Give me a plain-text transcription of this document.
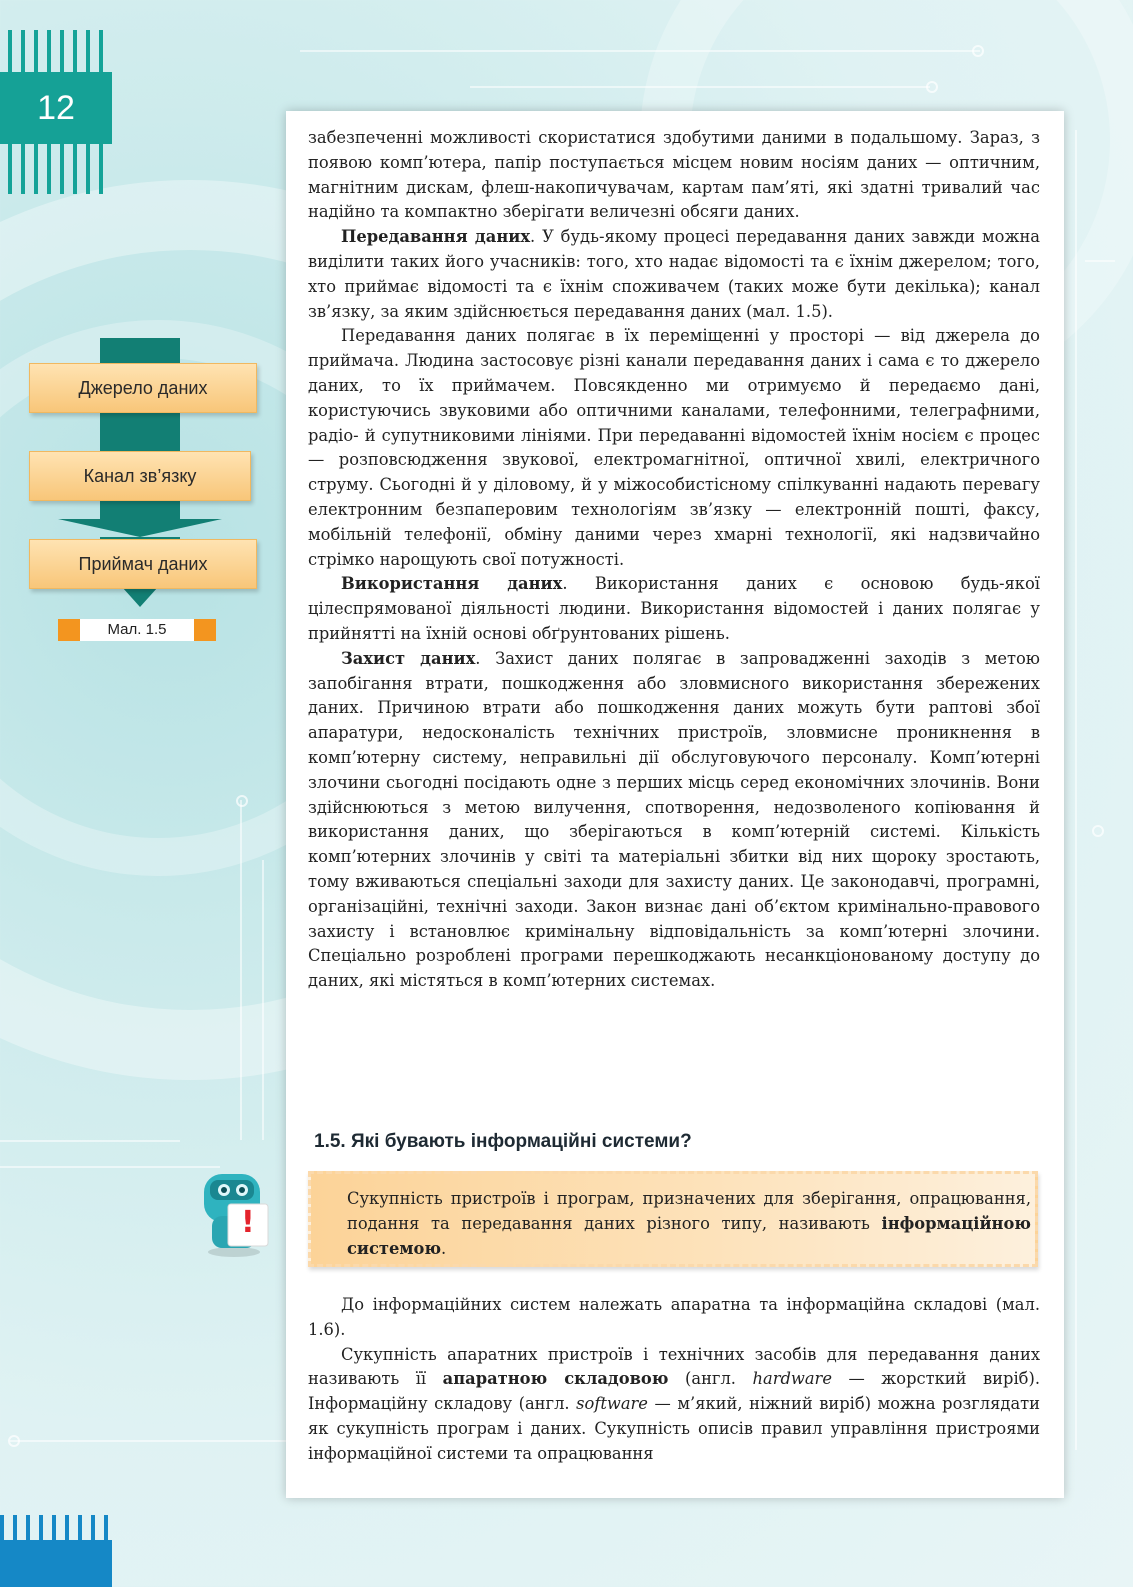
12
Джерело даних
Канал зв’язку
Приймач даних
Мал. 1.5
!

забезпеченні можливості скористатися здобутими даними в подальшому. Зараз, з появою комп’ютера, папір поступається місцем новим носіям даних — оптичним, магнітним дискам, флеш-накопичувачам, картам пам’яті, які здатні тривалий час надійно та компактно зберігати величезні обсяги даних.

Передавання даних. У будь-якому процесі передавання даних завжди можна виділити таких його учасників: того, хто надає відомості та є їхнім джерелом; того, хто приймає відомості та є їхнім споживачем (таких може бути декілька); канал зв’язку, за яким здійснюється передавання даних (мал. 1.5).

Передавання даних полягає в їх переміщенні у просторі — від джерела до приймача. Людина застосовує різні канали передавання даних і сама є то джерело даних, то їх приймачем. Повсякденно ми отримуємо й передаємо дані, користуючись звуковими або оптичними каналами, телефонними, телеграфними, радіо- й супутниковими лініями. При передаванні відомостей їхнім носієм є процес — розповсюдження звукової, електромагнітної, оптичної хвилі, електричного струму. Сьогодні й у діловому, й у міжособистісному спілкуванні надають перевагу електронним безпаперовим технологіям зв’язку — електронній пошті, факсу, мобільній телефонії, обміну даними через хмарні технології, які надзвичайно стрімко нарощують свої потужності.

Використання даних. Використання даних є основою будь-якої цілеспрямованої діяльності людини. Використання відомостей і даних полягає у прийнятті на їхній основі обґрунтованих рішень.

Захист даних. Захист даних полягає в запровадженні заходів з метою запобігання втрати, пошкодження або зловмисного використання збережених даних. Причиною втрати або пошкодження даних можуть бути раптові збої апаратури, недосконалість технічних пристроїв, зловмисне проникнення в комп’ютерну систему, неправильні дії обслуговуючого персоналу. Комп’ютерні злочини сьогодні посідають одне з перших місць серед економічних злочинів. Вони здійснюються з метою вилучення, спотворення, недозволеного копіювання й використання даних, що зберігаються в комп’ютерній системі. Кількість комп’ютерних злочинів у світі та матеріальні збитки від них щороку зростають, тому вживаються спеціальні заходи для захисту даних. Це законодавчі, програмні, організаційні, технічні заходи. Закон визнає дані об’єктом кримінально-правового захисту і встановлює кримінальну відповідальність за комп’ютерні злочини. Спеціально розроблені програми перешкоджають несанкціонованому доступу до даних, які містяться в комп’ютерних системах.

1.5. Які бувають інформаційні системи?
Сукупність пристроїв і програм, призначених для зберігання, опрацювання, подання та передавання даних різного типу, називають інформаційною системою.

До інформаційних систем належать апаратна та інформаційна складові (мал. 1.6).

Сукупність апаратних пристроїв і технічних засобів для передавання даних називають її апаратною складовою (англ. hardware — жорсткий виріб). Інформаційну складову (англ. software — м’який, ніжний виріб) можна розглядати як сукупність програм і даних. Сукупність описів правил управління пристроями інформаційної системи та опрацювання
